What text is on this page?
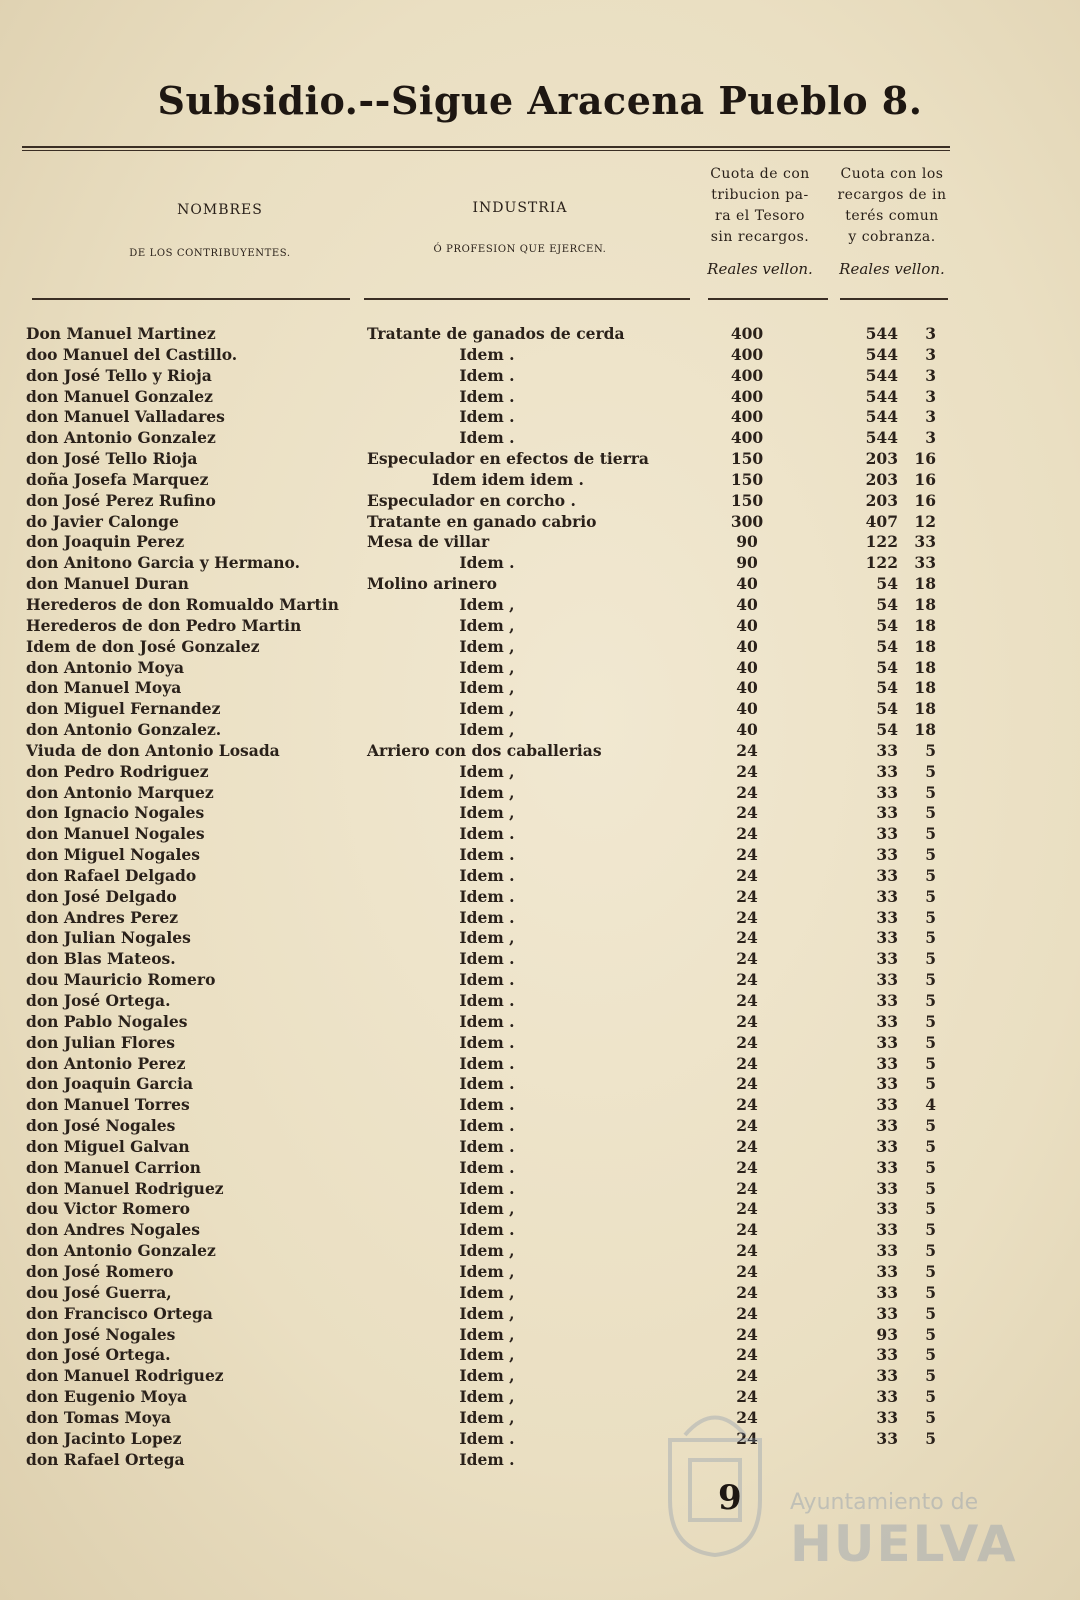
Subsidio.--Sigue Aracena Pueblo 8.
NOMBRES
DE LOS CONTRIBUYENTES.
INDUSTRIA
Ó PROFESION QUE EJERCEN.
Cuota de con
tribucion pa-
ra el Tesoro
sin recargos.
Reales vellon.
Cuota con los
recargos de in
terés comun
y cobranza.
Reales vellon.
Don Manuel Martinez	Tratante de ganados de cerda	400	544	3
doo Manuel del Castillo.	Idem .	400	544	3
don José Tello y Rioja	Idem .	400	544	3
don Manuel Gonzalez	Idem .	400	544	3
don Manuel Valladares	Idem .	400	544	3
don Antonio Gonzalez	Idem .	400	544	3
don José Tello Rioja	Especulador en efectos de tierra	150	203	16
doña Josefa Marquez	Idem idem idem .	150	203	16
don José Perez Rufino	Especulador en corcho .	150	203	16
do Javier Calonge	Tratante en ganado cabrio	300	407	12
don Joaquin Perez	Mesa de villar	90	122	33
don Anitono Garcia y Hermano.	Idem .	90	122	33
don Manuel Duran	Molino arinero	40	54	18
Herederos de don Romualdo Martin	Idem ,	40	54	18
Herederos de don Pedro Martin	Idem ,	40	54	18
Idem de don José Gonzalez	Idem ,	40	54	18
don Antonio Moya	Idem ,	40	54	18
don Manuel Moya	Idem ,	40	54	18
don Miguel Fernandez	Idem ,	40	54	18
don Antonio Gonzalez.	Idem ,	40	54	18
Viuda de don Antonio Losada	Arriero con dos caballerias	24	33	5
don Pedro Rodriguez	Idem ,	24	33	5
don Antonio Marquez	Idem ,	24	33	5
don Ignacio Nogales	Idem ,	24	33	5
don Manuel Nogales	Idem .	24	33	5
don Miguel Nogales	Idem .	24	33	5
don Rafael Delgado	Idem .	24	33	5
don José Delgado	Idem .	24	33	5
don Andres Perez	Idem .	24	33	5
don Julian Nogales	Idem ,	24	33	5
don Blas Mateos.	Idem .	24	33	5
dou Mauricio Romero	Idem .	24	33	5
don José Ortega.	Idem .	24	33	5
don Pablo Nogales	Idem .	24	33	5
don Julian Flores	Idem .	24	33	5
don Antonio Perez	Idem .	24	33	5
don Joaquin Garcia	Idem .	24	33	5
don Manuel Torres	Idem .	24	33	4
don José Nogales	Idem .	24	33	5
don Miguel Galvan	Idem .	24	33	5
don Manuel Carrion	Idem .	24	33	5
don Manuel Rodriguez	Idem .	24	33	5
dou Victor Romero	Idem ,	24	33	5
don Andres Nogales	Idem .	24	33	5
don Antonio Gonzalez	Idem ,	24	33	5
don José Romero	Idem ,	24	33	5
dou José Guerra,	Idem ,	24	33	5
don Francisco Ortega	Idem ,	24	33	5
don José Nogales	Idem ,	24	93	5
don José Ortega.	Idem ,	24	33	5
don Manuel Rodriguez	Idem ,	24	33	5
don Eugenio Moya	Idem ,	24	33	5
don Tomas Moya	Idem ,	24	33	5
don Jacinto Lopez	Idem .	24	33	5
don Rafael Ortega	Idem .
Ayuntamiento de
HUELVA
9
